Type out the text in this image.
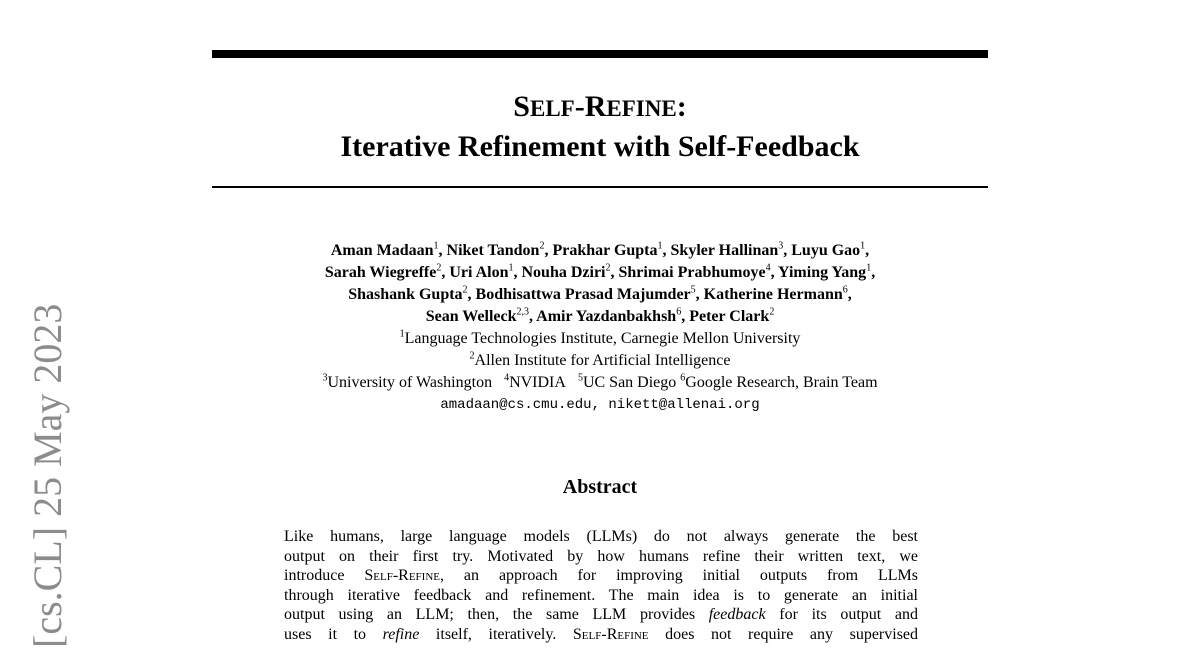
[cs.CL] 25 May 2023
SELF-REFINE:
Iterative Refinement with Self-Feedback
Aman Madaan$^1$, Niket Tandon$^2$, Prakhar Gupta$^1$, Skyler Hallinan$^3$, Luyu Gao$^1$,
Sarah Wiegreffe$^2$, Uri Alon$^1$, Nouha Dziri$^2$, Shrimai Prabhumoye$^4$, Yiming Yang$^1$,
Shashank Gupta$^2$, Bodhisattwa Prasad Majumder$^5$, Katherine Hermann$^6$,
Sean Welleck$^{2,3}$, Amir Yazdanbakhsh$^6$, Peter Clark$^2$
$^1$Language Technologies Institute, Carnegie Mellon University
$^2$Allen Institute for Artificial Intelligence
$^3$University of Washington $^4$NVIDIA $^5$UC San Diego $^6$Google Research, Brain Team
amadaan@cs.cmu.edu, nikett@allenai.org
Abstract
Like humans, large language models (LLMs) do not always generate the best
output on their first try. Motivated by how humans refine their written text, we
introduce Self-Refine, an approach for improving initial outputs from LLMs
through iterative feedback and refinement. The main idea is to generate an initial
output using an LLM; then, the same LLM provides feedback for its output and
uses it to refine itself, iteratively. Self-Refine does not require any supervised
